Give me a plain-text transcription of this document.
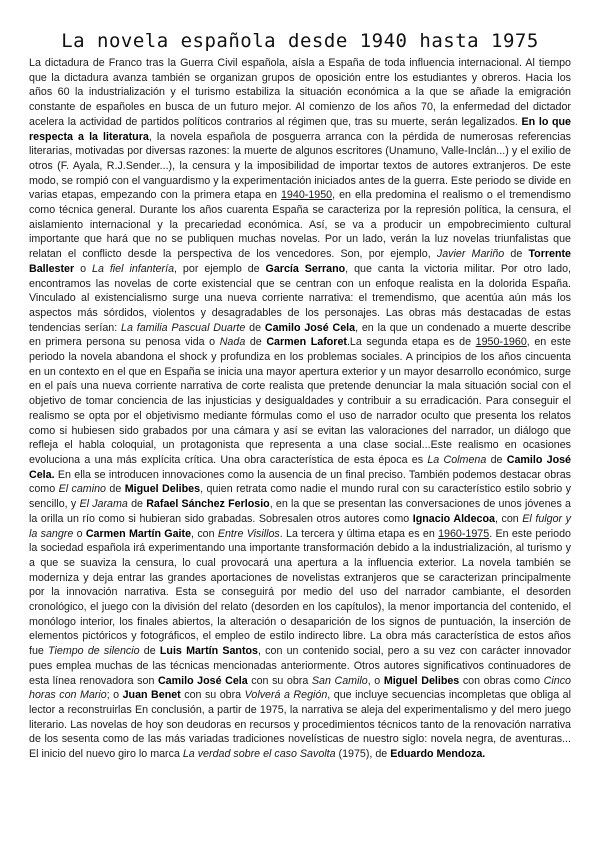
La novela española desde 1940 hasta 1975

La dictadura de Franco tras la Guerra Civil española, aísla a España de toda influencia internacional. Al tiempo que la dictadura avanza también se organizan grupos de oposición entre los estudiantes y obreros. Hacia los años 60 la industrialización y el turismo estabiliza la situación económica a la que se añade la emigración constante de españoles en busca de un futuro mejor. Al comienzo de los años 70, la enfermedad del dictador acelera la actividad de partidos políticos contrarios al régimen que, tras su muerte, serán legalizados. En lo que respecta a la literatura, la novela española de posguerra arranca con la pérdida de numerosas referencias literarias, motivadas por diversas razones: la muerte de algunos escritores (Unamuno, Valle-Inclán...) y el exilio de otros (F. Ayala, R.J.Sender...), la censura y la imposibilidad de importar textos de autores extranjeros. De este modo, se rompió con el vanguardismo y la experimentación iniciados antes de la guerra. Este periodo se divide en varias etapas, empezando con la primera etapa en 1940-1950, en ella predomina el realismo o el tremendismo como técnica general. Durante los años cuarenta España se caracteriza por la represión política, la censura, el aislamiento internacional y la precariedad económica. Así, se va a producir un empobrecimiento cultural importante que hará que no se publiquen muchas novelas. Por un lado, verán la luz novelas triunfalistas que relatan el conflicto desde la perspectiva de los vencedores. Son, por ejemplo, Javier Mariño de Torrente Ballester o La fiel infantería, por ejemplo de García Serrano, que canta la victoria militar. Por otro lado, encontramos las novelas de corte existencial que se centran con un enfoque realista en la dolorida España. Vinculado al existencialismo surge una nueva corriente narrativa: el tremendismo, que acentúa aún más los aspectos más sórdidos, violentos y desagradables de los personajes. Las obras más destacadas de estas tendencias serían: La familia Pascual Duarte de Camilo José Cela, en la que un condenado a muerte describe en primera persona su penosa vida o Nada de Carmen Laforet.La segunda etapa es de 1950-1960, en este periodo la novela abandona el shock y profundiza en los problemas sociales. A principios de los años cincuenta en un contexto en el que en España se inicia una mayor apertura exterior y un mayor desarrollo económico, surge en el país una nueva corriente narrativa de corte realista que pretende denunciar la mala situación social con el objetivo de tomar conciencia de las injusticias y desigualdades y contribuir a su erradicación. Para conseguir el realismo se opta por el objetivismo mediante fórmulas como el uso de narrador oculto que presenta los relatos como si hubiesen sido grabados por una cámara y así se evitan las valoraciones del narrador, un diálogo que refleja el habla coloquial, un protagonista que representa a una clase social...Este realismo en ocasiones evoluciona a una más explícita crítica. Una obra característica de esta época es La Colmena de Camilo José Cela. En ella se introducen innovaciones como la ausencia de un final preciso. También podemos destacar obras como El camino de Miguel Delibes, quien retrata como nadie el mundo rural con su característico estilo sobrio y sencillo, y El Jarama de Rafael Sánchez Ferlosio, en la que se presentan las conversaciones de unos jóvenes a la orilla un río como si hubieran sido grabadas. Sobresalen otros autores como Ignacio Aldecoa, con El fulgor y la sangre o Carmen Martín Gaite, con Entre Visillos. La tercera y última etapa es en 1960-1975. En este periodo la sociedad española irá experimentando una importante transformación debido a la industrialización, al turismo y a que se suaviza la censura, lo cual provocará una apertura a la influencia exterior. La novela también se moderniza y deja entrar las grandes aportaciones de novelistas extranjeros que se caracterizan principalmente por la innovación narrativa. Esta se conseguirá por medio del uso del narrador cambiante, el desorden cronológico, el juego con la división del relato (desorden en los capítulos), la menor importancia del contenido, el monólogo interior, los finales abiertos, la alteración o desaparición de los signos de puntuación, la inserción de elementos pictóricos y fotográficos, el empleo de estilo indirecto libre. La obra más característica de estos años fue Tiempo de silencio de Luis Martín Santos, con un contenido social, pero a su vez con carácter innovador pues emplea muchas de las técnicas mencionadas anteriormente. Otros autores significativos continuadores de esta línea renovadora son Camilo José Cela con su obra San Camilo, o Miguel Delibes con obras como Cinco horas con Mario; o Juan Benet con su obra Volverá a Región, que incluye secuencias incompletas que obliga al lector a reconstruirlas En conclusión, a partir de 1975, la narrativa se aleja del experimentalismo y del mero juego literario. Las novelas de hoy son deudoras en recursos y procedimientos técnicos tanto de la renovación narrativa de los sesenta como de las más variadas tradiciones novelísticas de nuestro siglo: novela negra, de aventuras... El inicio del nuevo giro lo marca La verdad sobre el caso Savolta (1975), de Eduardo Mendoza.
